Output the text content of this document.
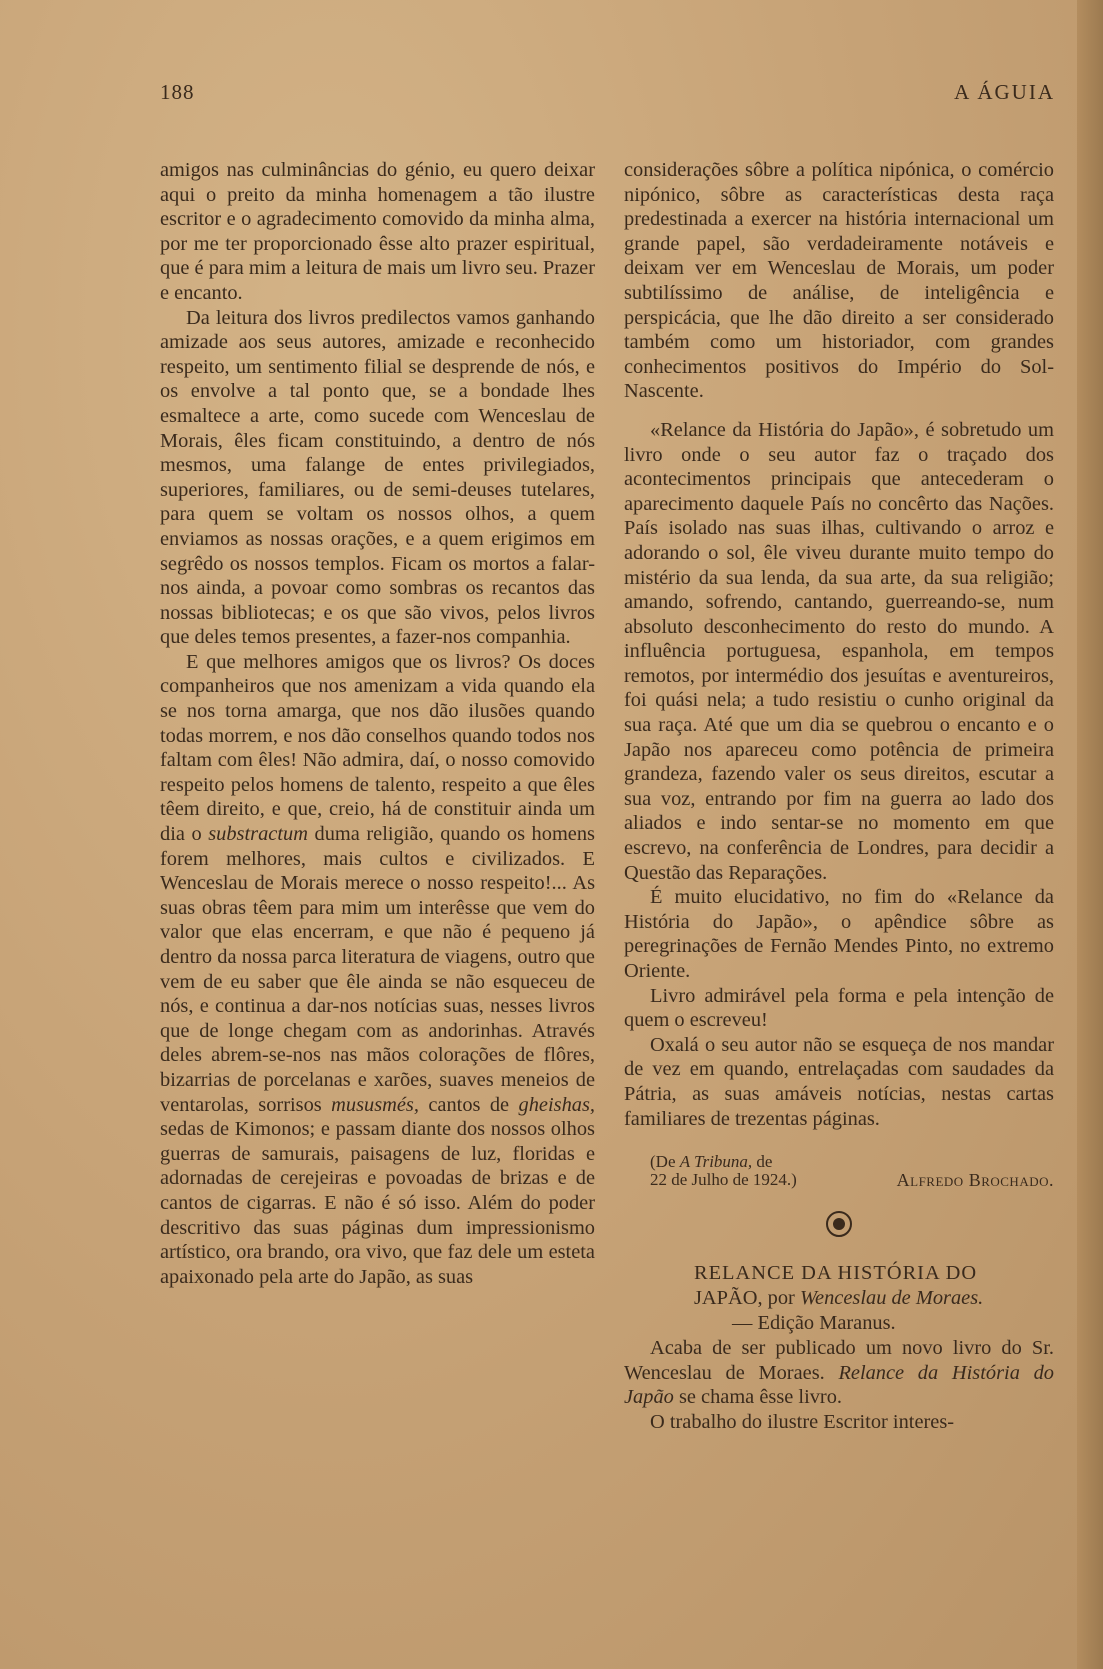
188	A ÁGUIA

amigos nas culminâncias do génio, eu quero deixar aqui o preito da minha homenagem a tão ilustre escritor e o agradecimento comovido da minha alma, por me ter proporcionado êsse alto prazer espiritual, que é para mim a leitura de mais um livro seu. Prazer e encanto.

Da leitura dos livros predilectos vamos ganhando amizade aos seus autores, amizade e reconhecido respeito, um sentimento filial se desprende de nós, e os envolve a tal ponto que, se a bondade lhes esmaltece a arte, como sucede com Wenceslau de Morais, êles ficam constituindo, a dentro de nós mesmos, uma falange de entes privilegiados, superiores, familiares, ou de semi-deuses tutelares, para quem se voltam os nossos olhos, a quem enviamos as nossas orações, e a quem erigimos em segrêdo os nossos templos. Ficam os mortos a falar-nos ainda, a povoar como sombras os recantos das nossas bibliotecas; e os que são vivos, pelos livros que deles temos presentes, a fazer-nos companhia.

E que melhores amigos que os livros? Os doces companheiros que nos amenizam a vida quando ela se nos torna amarga, que nos dão ilusões quando todas morrem, e nos dão conselhos quando todos nos faltam com êles! Não admira, daí, o nosso comovido respeito pelos homens de talento, respeito a que êles têem direito, e que, creio, há de constituir ainda um dia o substractum duma religião, quando os homens forem melhores, mais cultos e civilizados. E Wenceslau de Morais merece o nosso respeito!... As suas obras têem para mim um interêsse que vem do valor que elas encerram, e que não é pequeno já dentro da nossa parca literatura de viagens, outro que vem de eu saber que êle ainda se não esqueceu de nós, e continua a dar-nos notícias suas, nesses livros que de longe chegam com as andorinhas. Através deles abrem-se-nos nas mãos colorações de flôres, bizarrias de porcelanas e xarões, suaves meneios de ventarolas, sorrisos mususmés, cantos de gheishas, sedas de Kimonos; e passam diante dos nossos olhos guerras de samurais, paisagens de luz, floridas e adornadas de cerejeiras e povoadas de brizas e de cantos de cigarras. E não é só isso. Além do poder descritivo das suas páginas dum impressionismo artístico, ora brando, ora vivo, que faz dele um esteta apaixonado pela arte do Japão, as suas

considerações sôbre a política nipónica, o comércio nipónico, sôbre as características desta raça predestinada a exercer na história internacional um grande papel, são verdadeiramente notáveis e deixam ver em Wenceslau de Morais, um poder subtilíssimo de análise, de inteligência e perspicácia, que lhe dão direito a ser considerado também como um historiador, com grandes conhecimentos positivos do Império do Sol-Nascente.

«Relance da História do Japão», é sobretudo um livro onde o seu autor faz o traçado dos acontecimentos principais que antecederam o aparecimento daquele País no concêrto das Nações. País isolado nas suas ilhas, cultivando o arroz e adorando o sol, êle viveu durante muito tempo do mistério da sua lenda, da sua arte, da sua religião; amando, sofrendo, cantando, guerreando-se, num absoluto desconhecimento do resto do mundo. A influência portuguesa, espanhola, em tempos remotos, por intermédio dos jesuítas e aventureiros, foi quási nela; a tudo resistiu o cunho original da sua raça. Até que um dia se quebrou o encanto e o Japão nos apareceu como potência de primeira grandeza, fazendo valer os seus direitos, escutar a sua voz, entrando por fim na guerra ao lado dos aliados e indo sentar-se no momento em que escrevo, na conferência de Londres, para decidir a Questão das Reparações.

É muito elucidativo, no fim do «Relance da História do Japão», o apêndice sôbre as peregrinações de Fernão Mendes Pinto, no extremo Oriente.

Livro admirável pela forma e pela intenção de quem o escreveu!

Oxalá o seu autor não se esqueça de nos mandar de vez em quando, entrelaçadas com saudades da Pátria, as suas amáveis notícias, nestas cartas familiares de trezentas páginas.

(De A Tribuna, de
22 de Julho de 1924.)	Alfredo Brochado.
RELANCE DA HISTÓRIA DO
JAPÃO, por Wenceslau de Moraes.
— Edição Maranus.

Acaba de ser publicado um novo livro do Sr. Wenceslau de Moraes. Relance da História do Japão se chama êsse livro.

O trabalho do ilustre Escritor interes-
